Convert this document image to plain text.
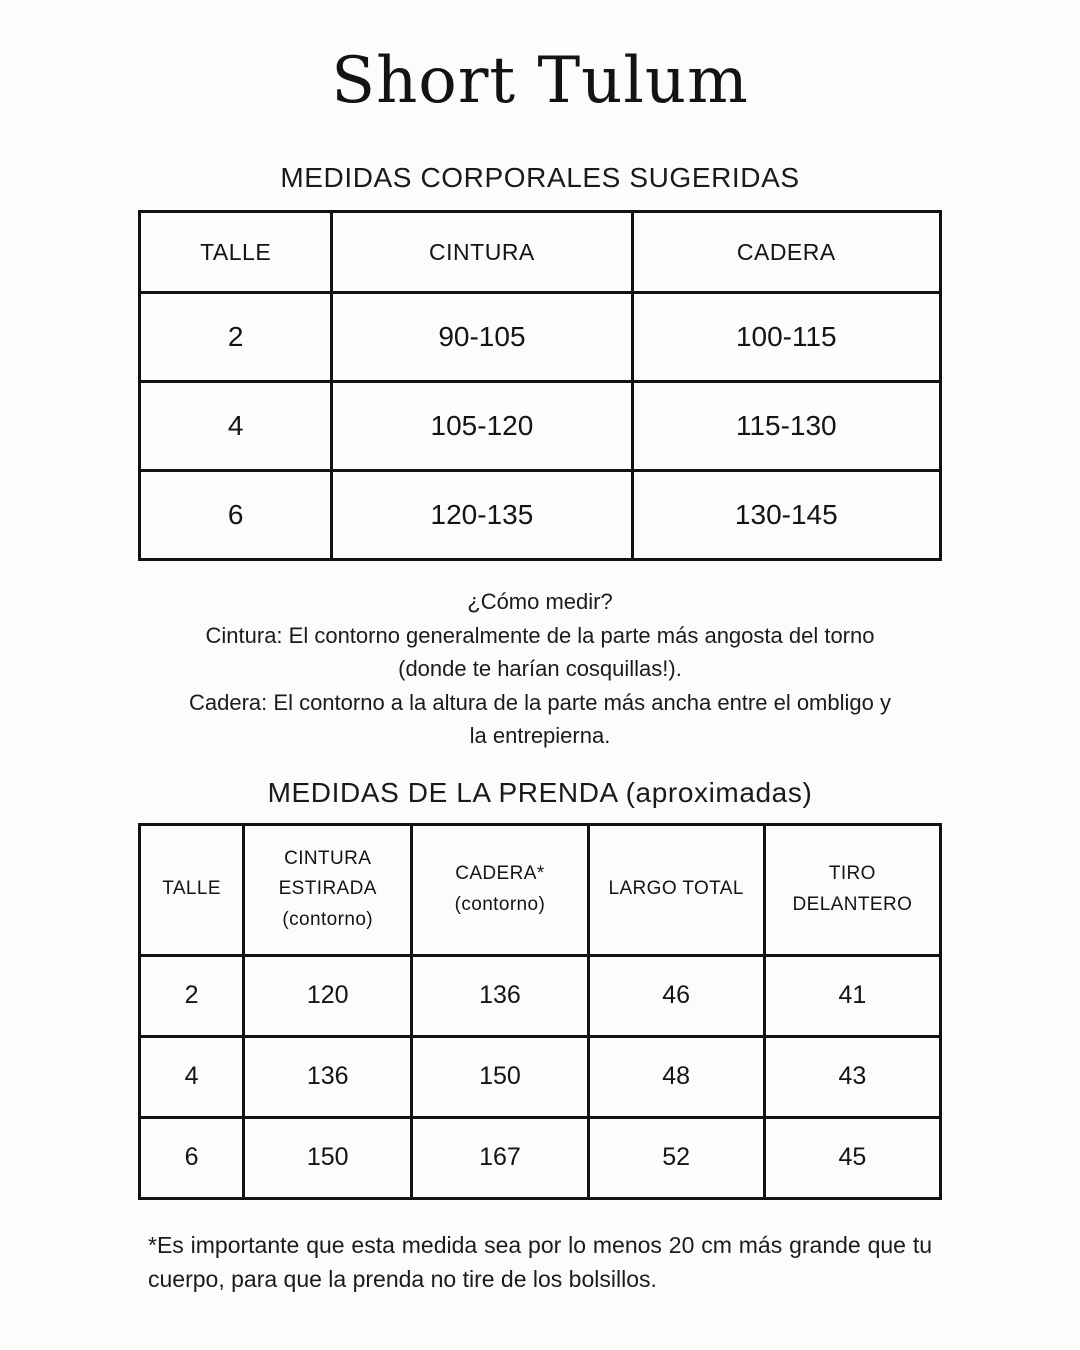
Short Tulum
MEDIDAS CORPORALES SUGERIDAS
TALLE	CINTURA	CADERA
2	90-105	100-115
4	105-120	115-130
6	120-135	130-145

¿Cómo medir?

Cintura: El contorno generalmente de la parte más angosta del torno (donde te harían cosquillas!).

Cadera: El contorno a la altura de la parte más ancha entre el ombligo y la entrepierna.

MEDIDAS DE LA PRENDA (aproximadas)
TALLE	CINTURA ESTIRADA (contorno)	CADERA* (contorno)	LARGO TOTAL	TIRO DELANTERO
2	120	136	46	41
4	136	150	48	43
6	150	167	52	45

*Es importante que esta medida sea por lo menos 20 cm más grande que tu cuerpo, para que la prenda no tire de los bolsillos.
